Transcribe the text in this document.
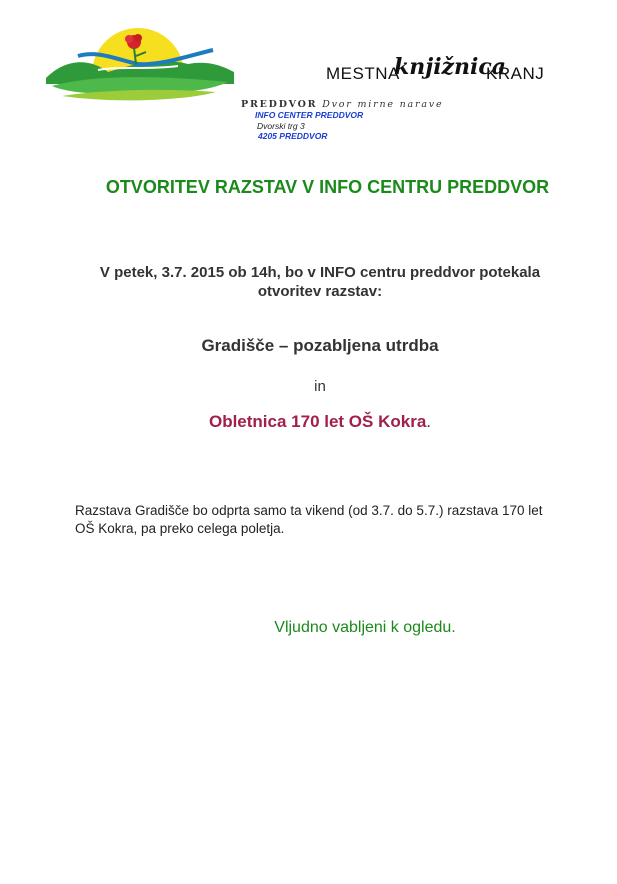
MESTNA
knjižnica
KRANJ
PREDDVOR Dvor mirne narave
INFO CENTER PREDDVOR
Dvorski trg 3
4205 PREDDVOR
OTVORITEV RAZSTAV V INFO CENTRU PREDDVOR
V petek, 3.7. 2015 ob 14h, bo v INFO centru preddvor potekala otvoritev razstav:
Gradišče – pozabljena utrdba
in
Obletnica 170 let OŠ Kokra.
Razstava Gradišče bo odprta samo ta vikend (od 3.7. do 5.7.) razstava 170 let OŠ Kokra, pa preko celega poletja.
Vljudno vabljeni k ogledu.
